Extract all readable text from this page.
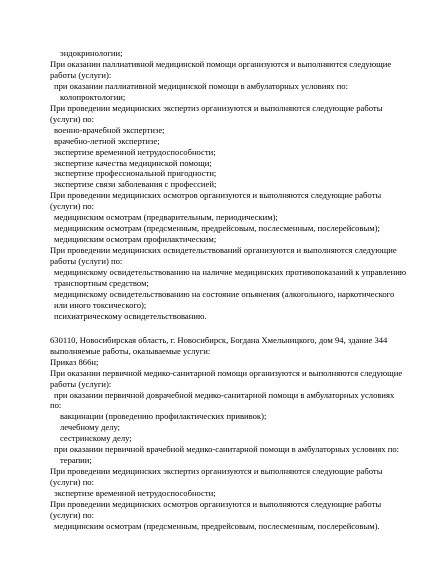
эндокринологии;
При оказании паллиативной медицинской помощи организуются и выполняются следующие
работы (услуги):
при оказании паллиативной медицинской помощи в амбулаторных условиях по:
колопроктологии;
При проведении медицинских экспертиз организуются и выполняются следующие работы
(услуги) по:
военно-врачебной экспертизе;
врачебно-летной экспертизе;
экспертизе временной нетрудоспособности;
экспертизе качества медицинской помощи;
экспертизе профессиональной пригодности;
экспертизе связи заболевания с профессией;
При проведении медицинских осмотров организуются и выполняются следующие работы
(услуги) по:
медицинским осмотрам (предварительным, периодическим);
медицинским осмотрам (предсменным, предрейсовым, послесменным, послерейсовым);
медицинским осмотрам профилактическим;
При проведении медицинских освидетельствований организуются и выполняются следующие
работы (услуги) по:
медицинскому освидетельствованию на наличие медицинских противопоказаний к управлению
транспортным средством;
медицинскому освидетельствованию на состояние опьянения (алкогольного, наркотического
или иного токсического);
психиатрическому освидетельствованию.
630110, Новосибирская область, г. Новосибирск, Богдана Хмельницкого, дом 94, здание 344
выполняемые работы, оказываемые услуги:
Приказ 866н;
При оказании первичной медико-санитарной помощи организуются и выполняются следующие
работы (услуги):
при оказании первичной доврачебной медико-санитарной помощи в амбулаторных условиях
по:
вакцинации (проведению профилактических прививок);
лечебному делу;
сестринскому делу;
при оказании первичной врачебной медико-санитарной помощи в амбулаторных условиях по:
терапии;
При проведении медицинских экспертиз организуются и выполняются следующие работы
(услуги) по:
экспертизе временной нетрудоспособности;
При проведении медицинских осмотров организуются и выполняются следующие работы
(услуги) по:
медицинским осмотрам (предсменным, предрейсовым, послесменным, послерейсовым).
